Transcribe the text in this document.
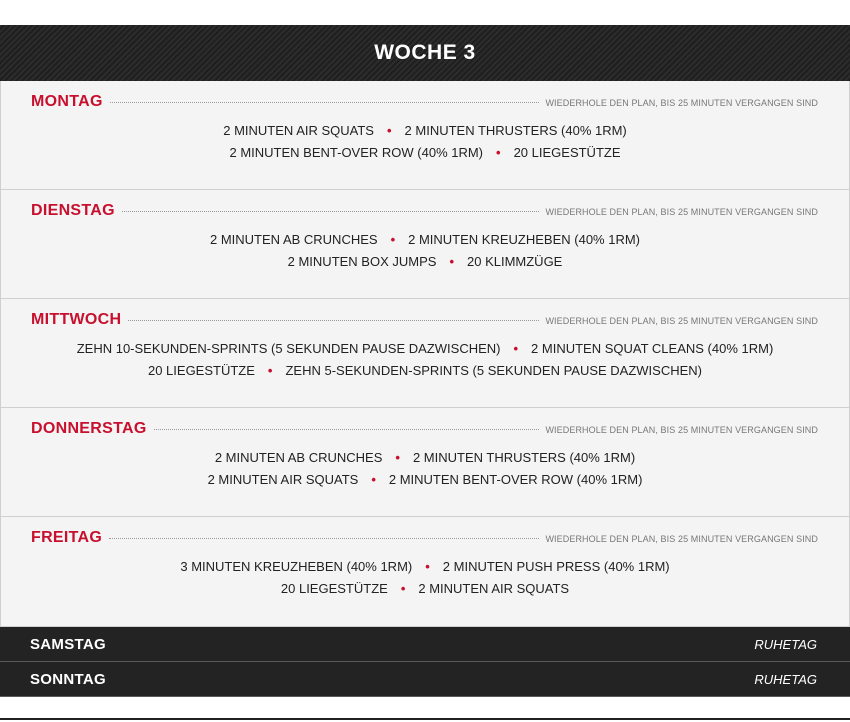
WOCHE 3
MONTAG	WIEDERHOLE DEN PLAN, BIS 25 MINUTEN VERGANGEN SIND
2 MINUTEN AIR SQUATS • 2 MINUTEN THRUSTERS (40% 1RM)
2 MINUTEN BENT-OVER ROW (40% 1RM) • 20 LIEGESTÜTZE
DIENSTAG	WIEDERHOLE DEN PLAN, BIS 25 MINUTEN VERGANGEN SIND
2 MINUTEN AB CRUNCHES • 2 MINUTEN KREUZHEBEN (40% 1RM)
2 MINUTEN BOX JUMPS • 20 KLIMMZÜGE
MITTWOCH	WIEDERHOLE DEN PLAN, BIS 25 MINUTEN VERGANGEN SIND
ZEHN 10-SEKUNDEN-SPRINTS (5 SEKUNDEN PAUSE DAZWISCHEN) • 2 MINUTEN SQUAT CLEANS (40% 1RM)
20 LIEGESTÜTZE • ZEHN 5-SEKUNDEN-SPRINTS (5 SEKUNDEN PAUSE DAZWISCHEN)
DONNERSTAG	WIEDERHOLE DEN PLAN, BIS 25 MINUTEN VERGANGEN SIND
2 MINUTEN AB CRUNCHES • 2 MINUTEN THRUSTERS (40% 1RM)
2 MINUTEN AIR SQUATS • 2 MINUTEN BENT-OVER ROW (40% 1RM)
FREITAG	WIEDERHOLE DEN PLAN, BIS 25 MINUTEN VERGANGEN SIND
3 MINUTEN KREUZHEBEN (40% 1RM) • 2 MINUTEN PUSH PRESS (40% 1RM)
20 LIEGESTÜTZE • 2 MINUTEN AIR SQUATS
SAMSTAG	RUHETAG
SONNTAG	RUHETAG
